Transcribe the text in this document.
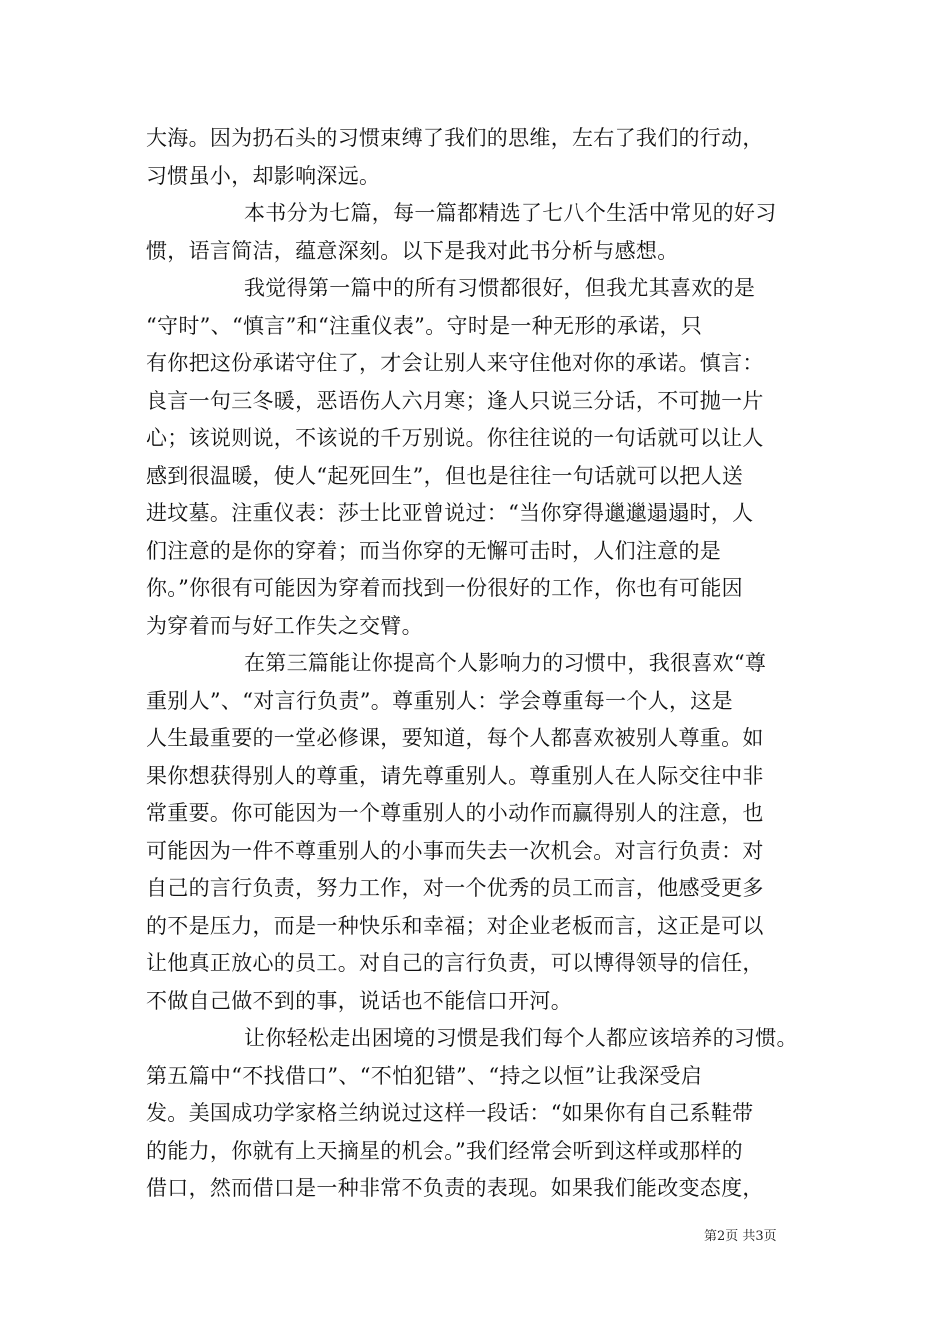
大海。因为扔石头的习惯束缚了我们的思维，左右了我们的行动，
习惯虽小，却影响深远。
本书分为七篇，每一篇都精选了七八个生活中常见的好习
惯，语言简洁，蕴意深刻。以下是我对此书分析与感想。
我觉得第一篇中的所有习惯都很好，但我尤其喜欢的是
“守时”、“慎言”和“注重仪表”。守时是一种无形的承诺，只
有你把这份承诺守住了，才会让别人来守住他对你的承诺。慎言：
良言一句三冬暖，恶语伤人六月寒；逢人只说三分话，不可抛一片
心；该说则说，不该说的千万别说。你往往说的一句话就可以让人
感到很温暖，使人“起死回生”，但也是往往一句话就可以把人送
进坟墓。注重仪表：莎士比亚曾说过：“当你穿得邋邋遢遢时，人
们注意的是你的穿着；而当你穿的无懈可击时，人们注意的是
你。”你很有可能因为穿着而找到一份很好的工作，你也有可能因
为穿着而与好工作失之交臂。
在第三篇能让你提高个人影响力的习惯中，我很喜欢“尊
重别人”、“对言行负责”。尊重别人：学会尊重每一个人，这是
人生最重要的一堂必修课，要知道，每个人都喜欢被别人尊重。如
果你想获得别人的尊重，请先尊重别人。尊重别人在人际交往中非
常重要。你可能因为一个尊重别人的小动作而赢得别人的注意，也
可能因为一件不尊重别人的小事而失去一次机会。对言行负责：对
自己的言行负责，努力工作，对一个优秀的员工而言，他感受更多
的不是压力，而是一种快乐和幸福；对企业老板而言，这正是可以
让他真正放心的员工。对自己的言行负责，可以博得领导的信任，
不做自己做不到的事，说话也不能信口开河。
让你轻松走出困境的习惯是我们每个人都应该培养的习惯。
第五篇中“不找借口”、“不怕犯错”、“持之以恒”让我深受启
发。美国成功学家格兰纳说过这样一段话：“如果你有自己系鞋带
的能力，你就有上天摘星的机会。”我们经常会听到这样或那样的
借口，然而借口是一种非常不负责的表现。如果我们能改变态度，
第2页 共3页
